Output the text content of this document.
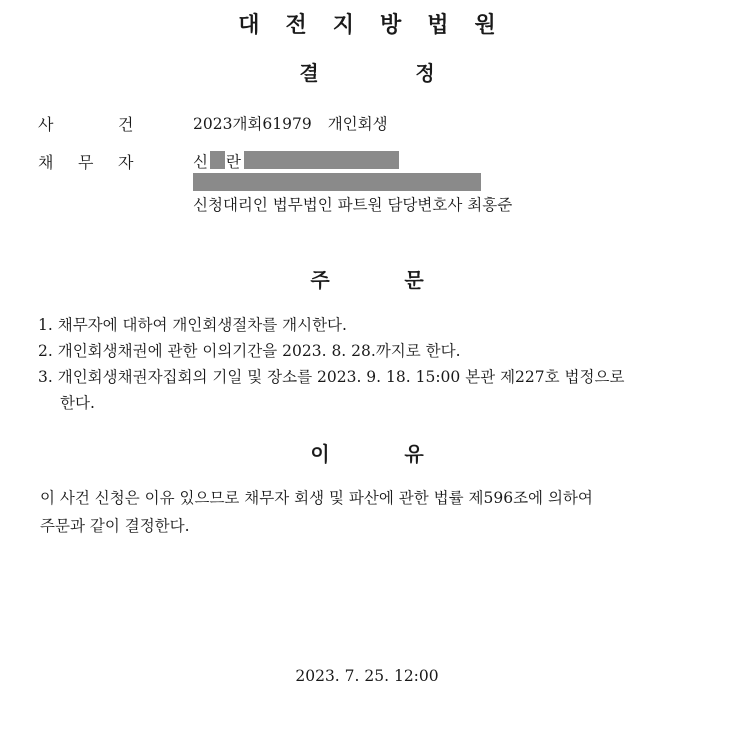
대전지방법원
결	정
사	건	2023개회61979 개인회생
채 무 자	신 란
신청대리인 법무법인 파트원 담당변호사 최홍준
주	문
1. 채무자에 대하여 개인회생절차를 개시한다.
2. 개인회생채권에 관한 이의기간을 2023. 8. 28.까지로 한다.
3. 개인회생채권자집회의 기일 및 장소를 2023. 9. 18. 15:00 본관 제227호 법정으로
한다.
이	유
이 사건 신청은 이유 있으므로 채무자 회생 및 파산에 관한 법률 제596조에 의하여
주문과 같이 결정한다.
2023. 7. 25. 12:00
